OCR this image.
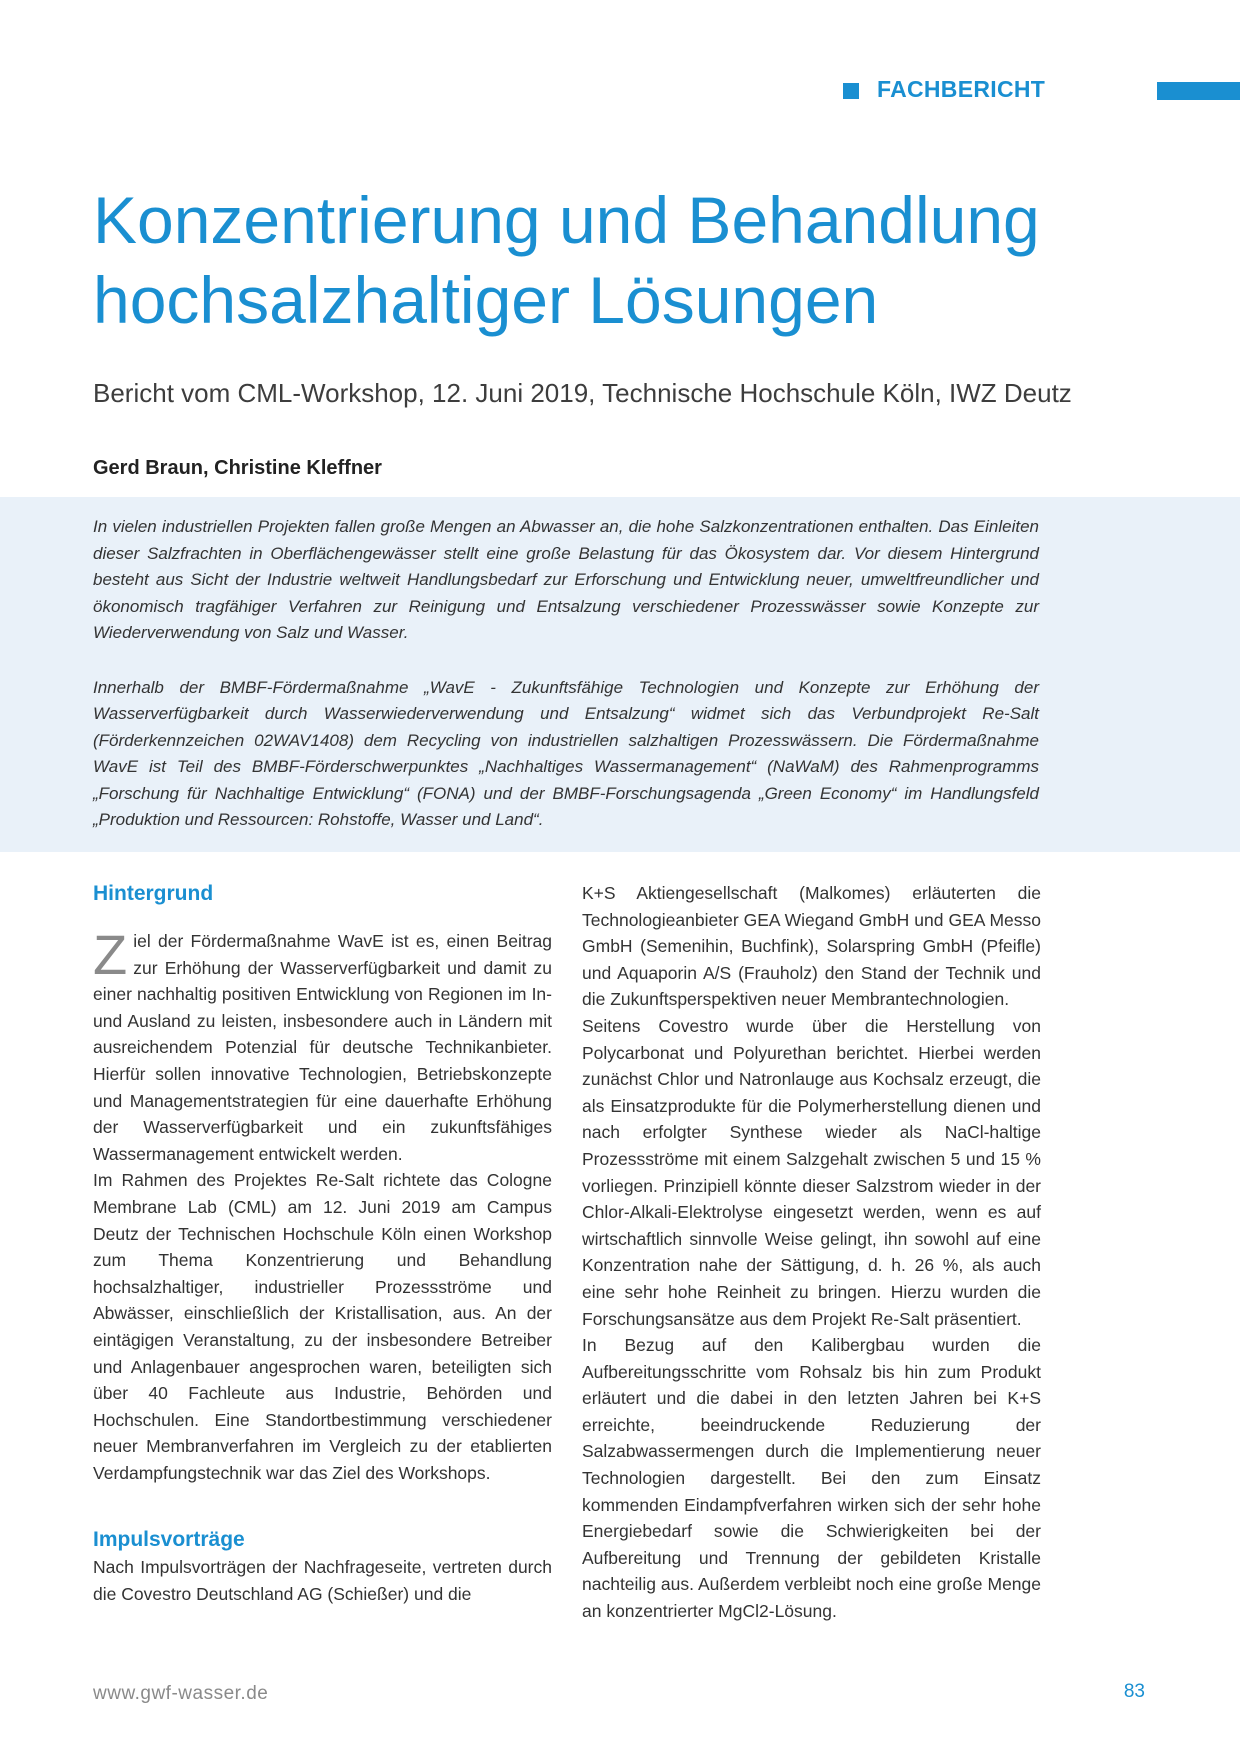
FACHBERICHT
Konzentrierung und Behandlung
hochsalzhaltiger Lösungen

Bericht vom CML-Workshop, 12. Juni 2019, Technische Hochschule Köln, IWZ Deutz

Gerd Braun, Christine Kleffner

In vielen industriellen Projekten fallen große Mengen an Abwasser an, die hohe Salzkonzentrationen enthalten. Das Einleiten dieser Salzfrachten in Oberflächengewässer stellt eine große Belastung für das Ökosystem dar. Vor diesem Hintergrund besteht aus Sicht der Industrie weltweit Handlungsbedarf zur Erforschung und Entwicklung neuer, umweltfreundlicher und ökonomisch tragfähiger Verfahren zur Reinigung und Entsalzung verschiedener Prozesswässer sowie Konzepte zur Wiederverwendung von Salz und Wasser.

Innerhalb der BMBF-Fördermaßnahme „WavE - Zukunftsfähige Technologien und Konzepte zur Erhöhung der Wasserverfügbarkeit durch Wasserwiederverwendung und Entsalzung“ widmet sich das Verbundprojekt Re-Salt (Förderkennzeichen 02WAV1408) dem Recycling von industriellen salzhaltigen Prozesswässern. Die Fördermaßnahme WavE ist Teil des BMBF-Förderschwerpunktes „Nachhaltiges Wassermanagement“ (NaWaM) des Rahmenprogramms „Forschung für Nachhaltige Entwicklung“ (FONA) und der BMBF-Forschungsagenda „Green Economy“ im Handlungsfeld „Produktion und Ressourcen: Rohstoffe, Wasser und Land“.

Hintergrund

Ziel der Fördermaßnahme WavE ist es, einen Beitrag zur Erhöhung der Wasserverfügbarkeit und damit zu einer nachhaltig positiven Entwicklung von Regionen im In- und Ausland zu leisten, insbesondere auch in Ländern mit ausreichendem Potenzial für deutsche Technikanbieter. Hierfür sollen innovative Technologien, Betriebskonzepte und Managementstrategien für eine dauerhafte Erhöhung der Wasserverfügbarkeit und ein zukunftsfähiges Wassermanagement entwickelt werden.

Im Rahmen des Projektes Re-Salt richtete das Cologne Membrane Lab (CML) am 12. Juni 2019 am Campus Deutz der Technischen Hochschule Köln einen Workshop zum Thema Konzentrierung und Behandlung hochsalzhaltiger, industrieller Prozessströme und Abwässer, einschließlich der Kristallisation, aus. An der eintägigen Veranstaltung, zu der insbesondere Betreiber und Anlagenbauer angesprochen waren, beteiligten sich über 40 Fachleute aus Industrie, Behörden und Hochschulen. Eine Standortbestimmung verschiedener neuer Membranverfahren im Vergleich zu der etablierten Verdampfungstechnik war das Ziel des Workshops.

Impulsvorträge

Nach Impulsvorträgen der Nachfrageseite, vertreten durch die Covestro Deutschland AG (Schießer) und die

K+S Aktiengesellschaft (Malkomes) erläuterten die Technologieanbieter GEA Wiegand GmbH und GEA Messo GmbH (Semenihin, Buchfink), Solarspring GmbH (Pfeifle) und Aquaporin A/S (Frauholz) den Stand der Technik und die Zukunftsperspektiven neuer Membrantechnologien.

Seitens Covestro wurde über die Herstellung von Polycarbonat und Polyurethan berichtet. Hierbei werden zunächst Chlor und Natronlauge aus Kochsalz erzeugt, die als Einsatzprodukte für die Polymerherstellung dienen und nach erfolgter Synthese wieder als NaCl-haltige Prozessströme mit einem Salzgehalt zwischen 5 und 15 % vorliegen. Prinzipiell könnte dieser Salzstrom wieder in der Chlor-Alkali-Elektrolyse eingesetzt werden, wenn es auf wirtschaftlich sinnvolle Weise gelingt, ihn sowohl auf eine Konzentration nahe der Sättigung, d. h. 26 %, als auch eine sehr hohe Reinheit zu bringen. Hierzu wurden die Forschungsansätze aus dem Projekt Re-Salt präsentiert.

In Bezug auf den Kalibergbau wurden die Aufbereitungsschritte vom Rohsalz bis hin zum Produkt erläutert und die dabei in den letzten Jahren bei K+S erreichte, beeindruckende Reduzierung der Salzabwassermengen durch die Implementierung neuer Technologien dargestellt. Bei den zum Einsatz kommenden Eindampfverfahren wirken sich der sehr hohe Energiebedarf sowie die Schwierigkeiten bei der Aufbereitung und Trennung der gebildeten Kristalle nachteilig aus. Außerdem verbleibt noch eine große Menge an konzentrierter MgCl2-Lösung.

www.gwf-wasser.de	83
